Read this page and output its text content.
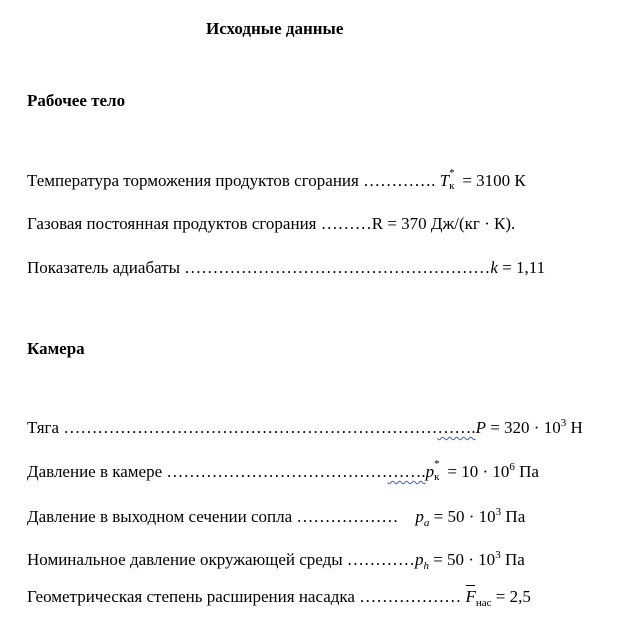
Исходные данные
Рабочее тело
Температура торможения продуктов сгорания …………. T *
к = 3100 К
Газовая постоянная продуктов сгорания ………R = 370 Дж/(кг · К).
Показатель адиабаты ………………………………………………k = 1,11
Камера
Тяга ……………………………………………………………….P = $320 \cdot 10^3$ Н
Давление в камере ……………………………………….p *
$к = 10 \cdot 10^6$ Па
Давление в выходном сечении сопла ………………    $p_a = 50 \cdot 10^3$ Па
Номинальное давление окружающей среды $\dots\dots\dots\dots p_h = 50 \cdot 10^3$ Па
Геометрическая степень расширения насадка ……………… $F_{нас} = 2,5$
